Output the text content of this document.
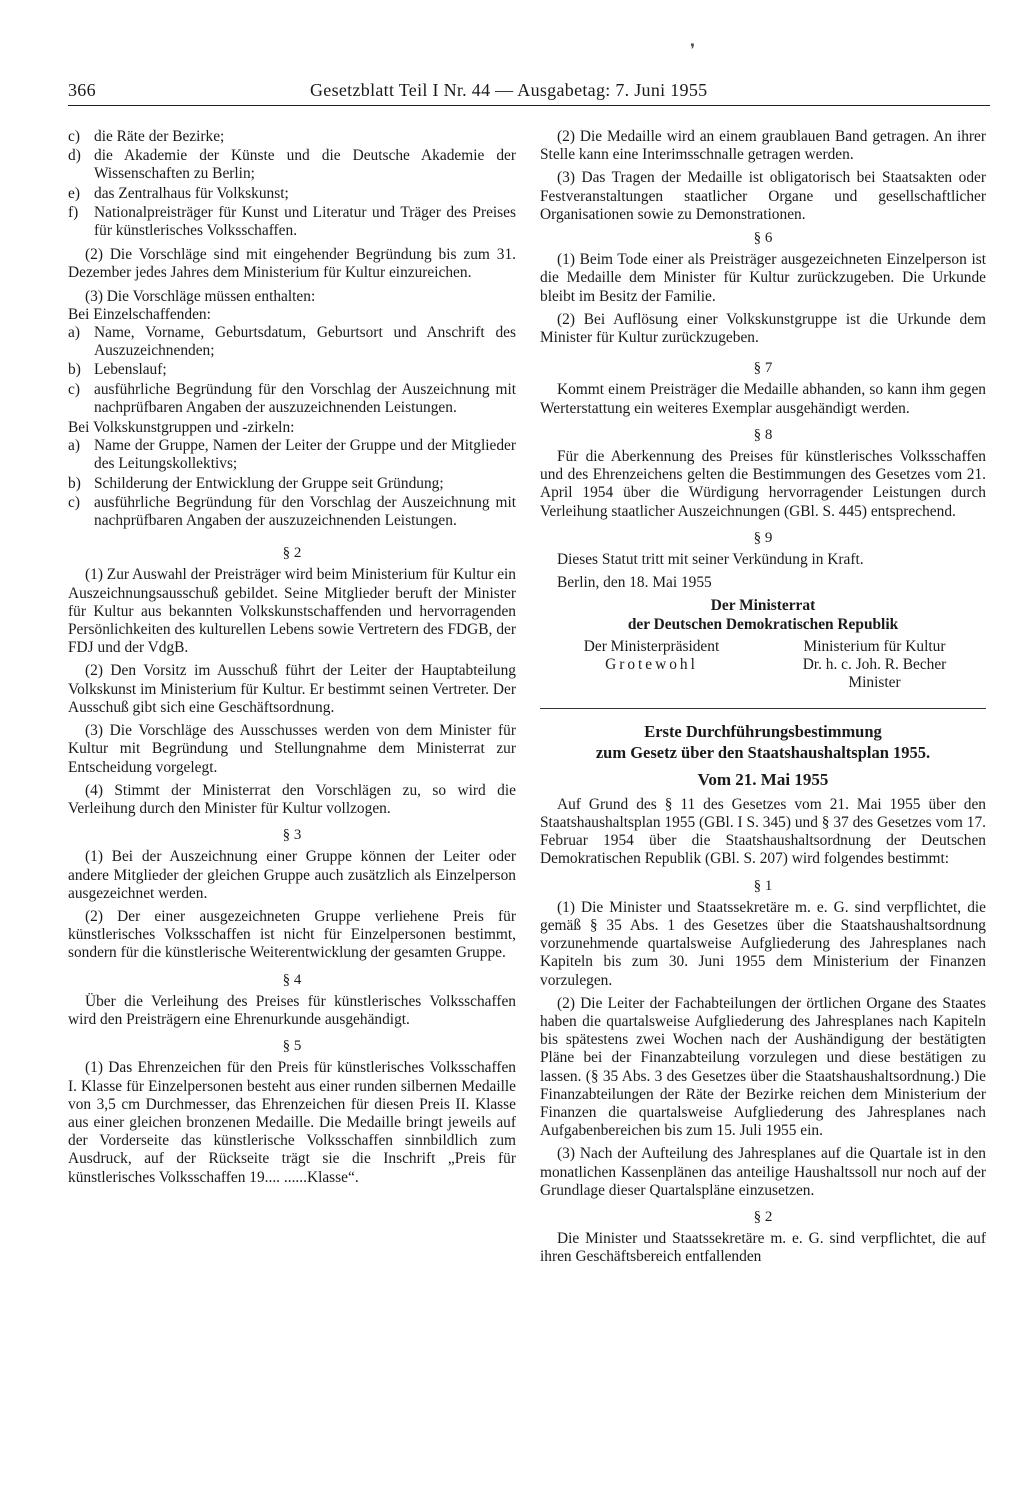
❜
366	Gesetzblatt Teil I Nr. 44 — Ausgabetag: 7. Juni 1955
c) die Räte der Bezirke;
d) die Akademie der Künste und die Deutsche Akademie der Wissenschaften zu Berlin;
e) das Zentralhaus für Volkskunst;
f)	Nationalpreisträger für Kunst und Literatur und Träger des Preises für künstlerisches Volksschaffen.

(2) Die Vorschläge sind mit eingehender Begründung bis zum 31. Dezember jedes Jahres dem Ministerium für Kultur einzureichen.

(3) Die Vorschläge müssen enthalten:

Bei Einzelschaffenden:

a) Name, Vorname, Geburtsdatum, Geburtsort und Anschrift des Auszuzeichnenden;
b) Lebenslauf;
c) ausführliche Begründung für den Vorschlag der Auszeichnung mit nachprüfbaren Angaben der auszuzeichnenden Leistungen.

Bei Volkskunstgruppen und -zirkeln:

a) Name der Gruppe, Namen der Leiter der Gruppe und der Mitglieder des Leitungskollektivs;
b) Schilderung der Entwicklung der Gruppe seit Gründung;
c) ausführliche Begründung für den Vorschlag der Auszeichnung mit nachprüfbaren Angaben der auszuzeichnenden Leistungen.
§ 2

(1) Zur Auswahl der Preisträger wird beim Ministerium für Kultur ein Auszeichnungsausschuß gebildet. Seine Mitglieder beruft der Minister für Kultur aus bekannten Volkskunstschaffenden und hervorragenden Persönlichkeiten des kulturellen Lebens sowie Vertretern des FDGB, der FDJ und der VdgB.

(2) Den Vorsitz im Ausschuß führt der Leiter der Hauptabteilung Volkskunst im Ministerium für Kultur. Er bestimmt seinen Vertreter. Der Ausschuß gibt sich eine Geschäftsordnung.

(3) Die Vorschläge des Ausschusses werden von dem Minister für Kultur mit Begründung und Stellungnahme dem Ministerrat zur Entscheidung vorgelegt.

(4) Stimmt der Ministerrat den Vorschlägen zu, so wird die Verleihung durch den Minister für Kultur vollzogen.

§ 3

(1) Bei der Auszeichnung einer Gruppe können der Leiter oder andere Mitglieder der gleichen Gruppe auch zusätzlich als Einzelperson ausgezeichnet werden.

(2) Der einer ausgezeichneten Gruppe verliehene Preis für künstlerisches Volksschaffen ist nicht für Einzelpersonen bestimmt, sondern für die künstlerische Weiterentwicklung der gesamten Gruppe.

§ 4

Über die Verleihung des Preises für künstlerisches Volksschaffen wird den Preisträgern eine Ehrenurkunde ausgehändigt.

§ 5

(1) Das Ehrenzeichen für den Preis für künstlerisches Volksschaffen I. Klasse für Einzelpersonen besteht aus einer runden silbernen Medaille von 3,5 cm Durchmesser, das Ehrenzeichen für diesen Preis II. Klasse aus einer gleichen bronzenen Medaille. Die Medaille bringt jeweils auf der Vorderseite das künstlerische Volksschaffen sinnbildlich zum Ausdruck, auf der Rückseite trägt sie die Inschrift „Preis für künstlerisches Volksschaffen 19.... ......Klasse“.

(2) Die Medaille wird an einem graublauen Band getragen. An ihrer Stelle kann eine Interimsschnalle getragen werden.

(3) Das Tragen der Medaille ist obligatorisch bei Staatsakten oder Festveranstaltungen staatlicher Organe und gesellschaftlicher Organisationen sowie zu Demonstrationen.

§ 6

(1) Beim Tode einer als Preisträger ausgezeichneten Einzelperson ist die Medaille dem Minister für Kultur zurückzugeben. Die Urkunde bleibt im Besitz der Familie.

(2) Bei Auflösung einer Volkskunstgruppe ist die Urkunde dem Minister für Kultur zurückzugeben.

§ 7

Kommt einem Preisträger die Medaille abhanden, so kann ihm gegen Werterstattung ein weiteres Exemplar ausgehändigt werden.

§ 8

Für die Aberkennung des Preises für künstlerisches Volksschaffen und des Ehrenzeichens gelten die Bestimmungen des Gesetzes vom 21. April 1954 über die Würdigung hervorragender Leistungen durch Verleihung staatlicher Auszeichnungen (GBl. S. 445) entsprechend.

§ 9

Dieses Statut tritt mit seiner Verkündung in Kraft.

Berlin, den 18. Mai 1955

Der Ministerrat
der Deutschen Demokratischen Republik
Der Ministerpräsident
Grotewohl
Ministerium für Kultur
Dr. h. c. Joh. R. Becher
Minister

Erste Durchführungsbestimmung

zum Gesetz über den Staatshaushaltsplan 1955.

Vom 21. Mai 1955

Auf Grund des § 11 des Gesetzes vom 21. Mai 1955 über den Staatshaushaltsplan 1955 (GBl. I S. 345) und § 37 des Gesetzes vom 17. Februar 1954 über die Staatshaushaltsordnung der Deutschen Demokratischen Republik (GBl. S. 207) wird folgendes bestimmt:

§ 1

(1) Die Minister und Staatssekretäre m. e. G. sind verpflichtet, die gemäß § 35 Abs. 1 des Gesetzes über die Staatshaushaltsordnung vorzunehmende quartalsweise Aufgliederung des Jahresplanes nach Kapiteln bis zum 30. Juni 1955 dem Ministerium der Finanzen vorzulegen.

(2) Die Leiter der Fachabteilungen der örtlichen Organe des Staates haben die quartalsweise Aufgliederung des Jahresplanes nach Kapiteln bis spätestens zwei Wochen nach der Aushändigung der bestätigten Pläne bei der Finanzabteilung vorzulegen und diese bestätigen zu lassen. (§ 35 Abs. 3 des Gesetzes über die Staatshaushaltsordnung.) Die Finanzabteilungen der Räte der Bezirke reichen dem Ministerium der Finanzen die quartalsweise Aufgliederung des Jahresplanes nach Aufgabenbereichen bis zum 15. Juli 1955 ein.

(3) Nach der Aufteilung des Jahresplanes auf die Quartale ist in den monatlichen Kassenplänen das anteilige Haushaltssoll nur noch auf der Grundlage dieser Quartalspläne einzusetzen.

§ 2

Die Minister und Staatssekretäre m. e. G. sind verpflichtet, die auf ihren Geschäftsbereich entfallenden
